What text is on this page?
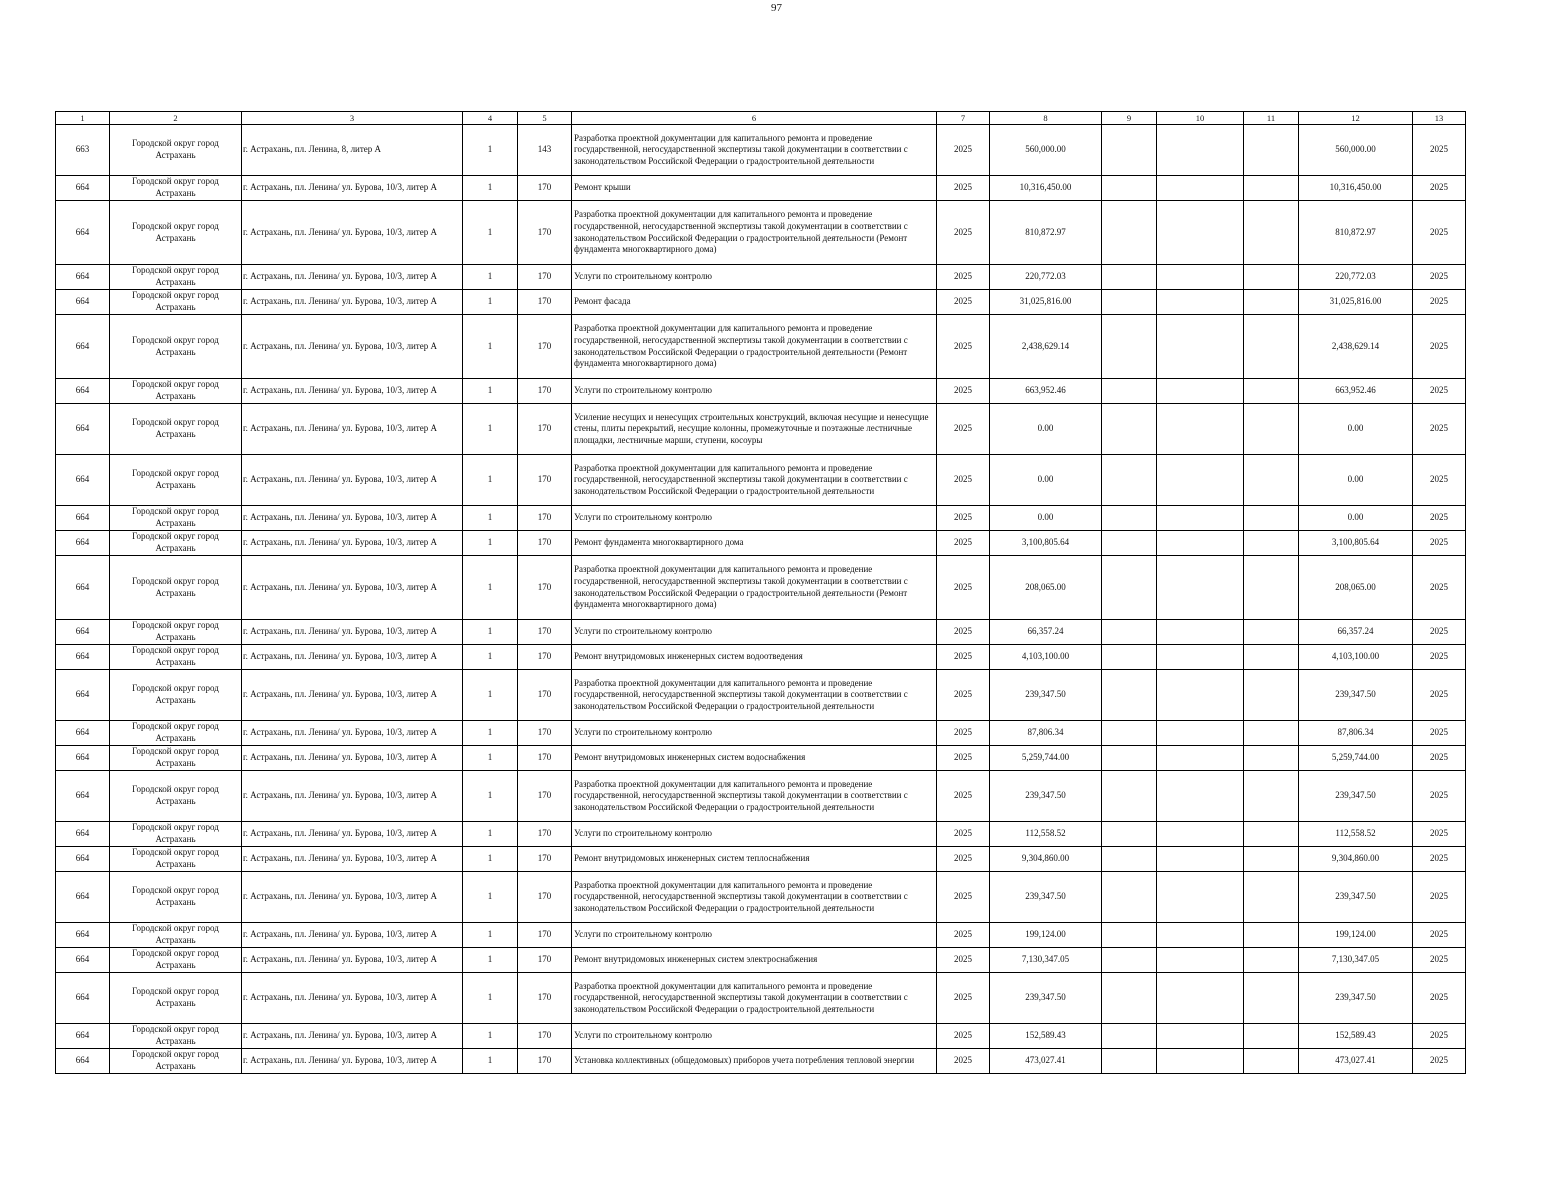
97
1	2	3	4	5	6	7	8	9	10	11	12	13
663	Городской округ город Астрахань	г. Астрахань, пл. Ленина, 8, литер А	1	143	Разработка проектной документации для капитального ремонта и проведение государственной, негосударственной экспертизы такой документации в соответствии с законодательством Российской Федерации о градостроительной деятельности	2025	560,000.00				560,000.00	2025
664	Городской округ город Астрахань	г. Астрахань, пл. Ленина/ ул. Бурова, 10/3, литер А	1	170	Ремонт крыши	2025	10,316,450.00				10,316,450.00	2025
664	Городской округ город Астрахань	г. Астрахань, пл. Ленина/ ул. Бурова, 10/3, литер А	1	170	Разработка проектной документации для капитального ремонта и проведение государственной, негосударственной экспертизы такой документации в соответствии с законодательством Российской Федерации о градостроительной деятельности (Ремонт фундамента многоквартирного дома)	2025	810,872.97				810,872.97	2025
664	Городской округ город Астрахань	г. Астрахань, пл. Ленина/ ул. Бурова, 10/3, литер А	1	170	Услуги по строительному контролю	2025	220,772.03				220,772.03	2025
664	Городской округ город Астрахань	г. Астрахань, пл. Ленина/ ул. Бурова, 10/3, литер А	1	170	Ремонт фасада	2025	31,025,816.00				31,025,816.00	2025
664	Городской округ город Астрахань	г. Астрахань, пл. Ленина/ ул. Бурова, 10/3, литер А	1	170	Разработка проектной документации для капитального ремонта и проведение государственной, негосударственной экспертизы такой документации в соответствии с законодательством Российской Федерации о градостроительной деятельности (Ремонт фундамента многоквартирного дома)	2025	2,438,629.14				2,438,629.14	2025
664	Городской округ город Астрахань	г. Астрахань, пл. Ленина/ ул. Бурова, 10/3, литер А	1	170	Услуги по строительному контролю	2025	663,952.46				663,952.46	2025
664	Городской округ город Астрахань	г. Астрахань, пл. Ленина/ ул. Бурова, 10/3, литер А	1	170	Усиление несущих и ненесущих строительных конструкций, включая несущие и ненесущие стены, плиты перекрытий, несущие колонны, промежуточные и поэтажные лестничные площадки, лестничные марши, ступени, косоуры	2025	0.00				0.00	2025
664	Городской округ город Астрахань	г. Астрахань, пл. Ленина/ ул. Бурова, 10/3, литер А	1	170	Разработка проектной документации для капитального ремонта и проведение государственной, негосударственной экспертизы такой документации в соответствии с законодательством Российской Федерации о градостроительной деятельности	2025	0.00				0.00	2025
664	Городской округ город Астрахань	г. Астрахань, пл. Ленина/ ул. Бурова, 10/3, литер А	1	170	Услуги по строительному контролю	2025	0.00				0.00	2025
664	Городской округ город Астрахань	г. Астрахань, пл. Ленина/ ул. Бурова, 10/3, литер А	1	170	Ремонт фундамента многоквартирного дома	2025	3,100,805.64				3,100,805.64	2025
664	Городской округ город Астрахань	г. Астрахань, пл. Ленина/ ул. Бурова, 10/3, литер А	1	170	Разработка проектной документации для капитального ремонта и проведение государственной, негосударственной экспертизы такой документации в соответствии с законодательством Российской Федерации о градостроительной деятельности (Ремонт фундамента многоквартирного дома)	2025	208,065.00				208,065.00	2025
664	Городской округ город Астрахань	г. Астрахань, пл. Ленина/ ул. Бурова, 10/3, литер А	1	170	Услуги по строительному контролю	2025	66,357.24				66,357.24	2025
664	Городской округ город Астрахань	г. Астрахань, пл. Ленина/ ул. Бурова, 10/3, литер А	1	170	Ремонт внутридомовых инженерных систем водоотведения	2025	4,103,100.00				4,103,100.00	2025
664	Городской округ город Астрахань	г. Астрахань, пл. Ленина/ ул. Бурова, 10/3, литер А	1	170	Разработка проектной документации для капитального ремонта и проведение государственной, негосударственной экспертизы такой документации в соответствии с законодательством Российской Федерации о градостроительной деятельности	2025	239,347.50				239,347.50	2025
664	Городской округ город Астрахань	г. Астрахань, пл. Ленина/ ул. Бурова, 10/3, литер А	1	170	Услуги по строительному контролю	2025	87,806.34				87,806.34	2025
664	Городской округ город Астрахань	г. Астрахань, пл. Ленина/ ул. Бурова, 10/3, литер А	1	170	Ремонт внутридомовых инженерных систем водоснабжения	2025	5,259,744.00				5,259,744.00	2025
664	Городской округ город Астрахань	г. Астрахань, пл. Ленина/ ул. Бурова, 10/3, литер А	1	170	Разработка проектной документации для капитального ремонта и проведение государственной, негосударственной экспертизы такой документации в соответствии с законодательством Российской Федерации о градостроительной деятельности	2025	239,347.50				239,347.50	2025
664	Городской округ город Астрахань	г. Астрахань, пл. Ленина/ ул. Бурова, 10/3, литер А	1	170	Услуги по строительному контролю	2025	112,558.52				112,558.52	2025
664	Городской округ город Астрахань	г. Астрахань, пл. Ленина/ ул. Бурова, 10/3, литер А	1	170	Ремонт внутридомовых инженерных систем теплоснабжения	2025	9,304,860.00				9,304,860.00	2025
664	Городской округ город Астрахань	г. Астрахань, пл. Ленина/ ул. Бурова, 10/3, литер А	1	170	Разработка проектной документации для капитального ремонта и проведение государственной, негосударственной экспертизы такой документации в соответствии с законодательством Российской Федерации о градостроительной деятельности	2025	239,347.50				239,347.50	2025
664	Городской округ город Астрахань	г. Астрахань, пл. Ленина/ ул. Бурова, 10/3, литер А	1	170	Услуги по строительному контролю	2025	199,124.00				199,124.00	2025
664	Городской округ город Астрахань	г. Астрахань, пл. Ленина/ ул. Бурова, 10/3, литер А	1	170	Ремонт внутридомовых инженерных систем электроснабжения	2025	7,130,347.05				7,130,347.05	2025
664	Городской округ город Астрахань	г. Астрахань, пл. Ленина/ ул. Бурова, 10/3, литер А	1	170	Разработка проектной документации для капитального ремонта и проведение государственной, негосударственной экспертизы такой документации в соответствии с законодательством Российской Федерации о градостроительной деятельности	2025	239,347.50				239,347.50	2025
664	Городской округ город Астрахань	г. Астрахань, пл. Ленина/ ул. Бурова, 10/3, литер А	1	170	Услуги по строительному контролю	2025	152,589.43				152,589.43	2025
664	Городской округ город Астрахань	г. Астрахань, пл. Ленина/ ул. Бурова, 10/3, литер А	1	170	Установка коллективных (общедомовых) приборов учета потребления тепловой энергии	2025	473,027.41				473,027.41	2025
